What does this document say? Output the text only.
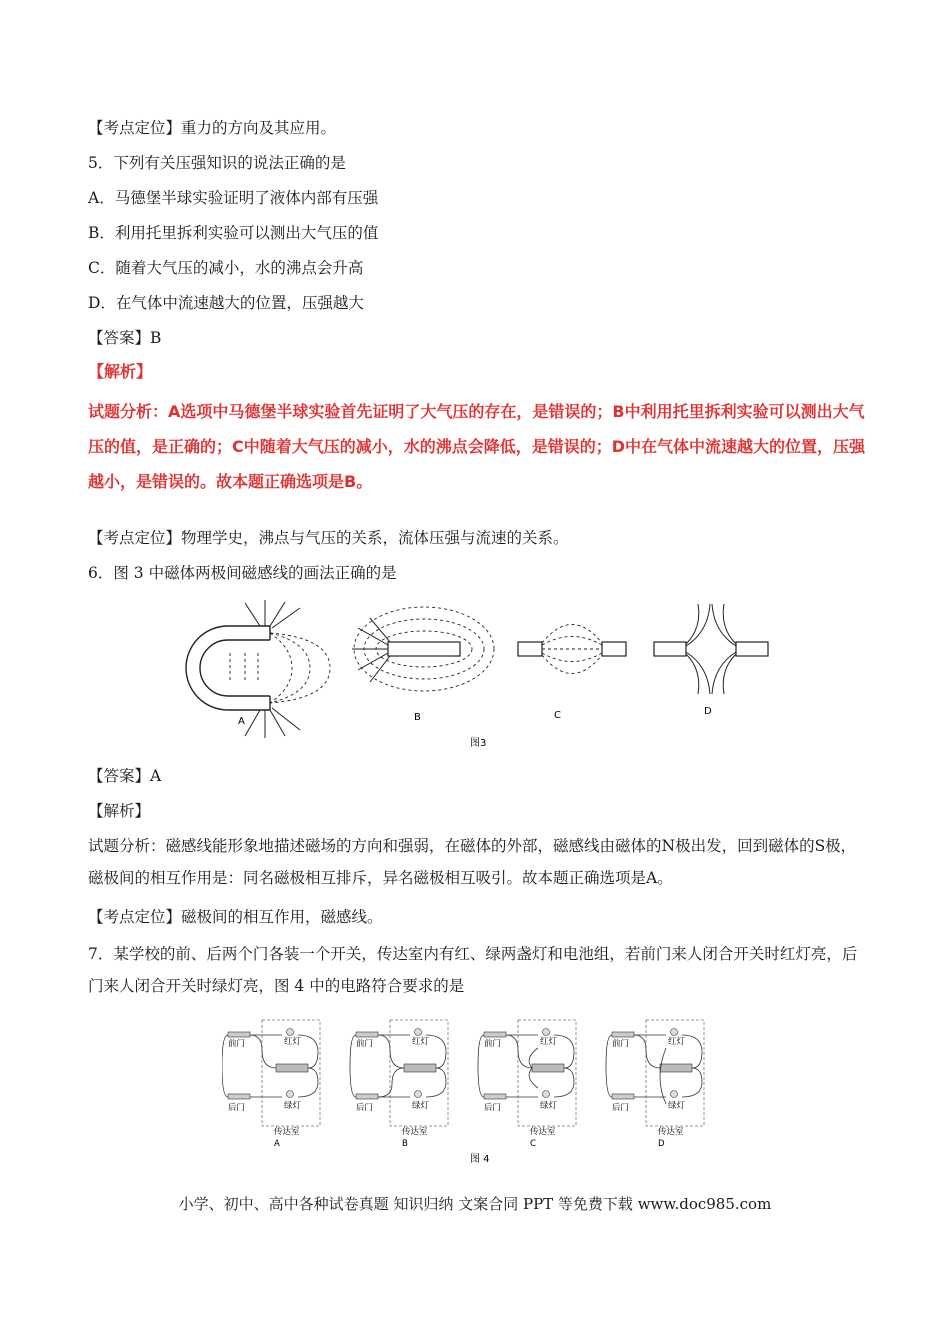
【考点定位】重力的方向及其应用。
5．下列有关压强知识的说法正确的是
A．马德堡半球实验证明了液体内部有压强
B．利用托里拆利实验可以测出大气压的值
C．随着大气压的减小，水的沸点会升高
D．在气体中流速越大的位置，压强越大
【答案】B
【解析】
试题分析：A选项中马德堡半球实验首先证明了大气压的存在，是错误的；B中利用托里拆利实验可以测出大气压的值，是正确的；C中随着大气压的减小，水的沸点会降低，是错误的；D中在气体中流速越大的位置，压强越小，是错误的。故本题正确选项是B。
【考点定位】物理学史，沸点与气压的关系，流体压强与流速的关系。
6．图 3 中磁体两极间磁感线的画法正确的是
A	B	C	D
图3
【答案】A
【解析】
试题分析：磁感线能形象地描述磁场的方向和强弱，在磁体的外部，磁感线由磁体的N极出发，回到磁体的S极，磁极间的相互作用是：同名磁极相互排斥，异名磁极相互吸引。故本题正确选项是A。
【考点定位】磁极间的相互作用，磁感线。
7．某学校的前、后两个门各装一个开关，传达室内有红、绿两盏灯和电池组，若前门来人闭合开关时红灯亮，后门来人闭合开关时绿灯亮，图 4 中的电路符合要求的是
前门
后门
红灯
绿灯
传达室
A
前门
后门
红灯
绿灯
传达室
B
前门
后门
红灯
绿灯
传达室
C
前门
后门
红灯
绿灯
传达室
D
图 4
小学、初中、高中各种试卷真题 知识归纳 文案合同 PPT 等免费下载 www.doc985.com
